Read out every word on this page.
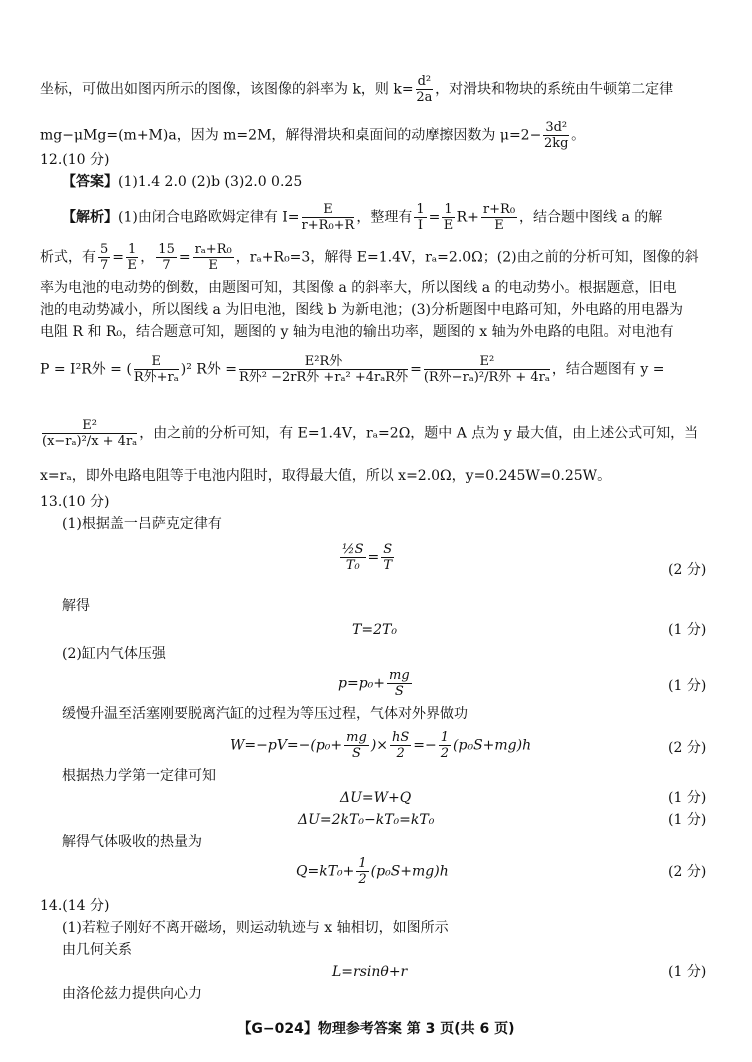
坐标，可做出如图丙所示的图像，该图像的斜率为 k，则 $k= \frac{\text{d²}}{2a}$ ，对滑块和物块的系统由牛顿第二定律
mg−μMg=(m+M)a，因为 m=2M，解得滑块和桌面间的动摩擦因数为 $\mu=2- \frac{\text{3d²}}{2kg}$ 。
12.(10 分)
【答案】(1)1.4 2.0 (2)b (3)2.0 0.25
【解析】(1)由闭合电路欧姆定律有 $I= \frac{E}{\text{r+R₀+R}}$ ，整理有 $\frac{1}{I} = \frac{1}{E} R+ \frac{\text{r+R₀}}{E}$ ，结合题中图线 a 的解
析式，有 $\frac{5}{7} = \frac{1}{E}$ ， $\frac{15}{7} = \frac{\text{rₐ+R₀}}{E}$ ，rₐ+R₀=3，解得 E=1.4V，rₐ=2.0Ω；(2)由之前的分析可知，图像的斜
率为电池的电动势的倒数，由题图可知，其图像 a 的斜率大，所以图线 a 的电动势小。根据题意，旧电
池的电动势减小，所以图线 a 为旧电池，图线 b 为新电池；(3)分析题图中电路可知，外电路的用电器为
电阻 R 和 R₀，结合题意可知，题图的 y 轴为电池的输出功率，题图的 x 轴为外电路的电阻。对电池有
P = I²R外 = ( $\frac{E}{\text{R外+rₐ}} )^2$ R外 = $\frac{\text{E²R外}}{\text{R外² −2rR外 +rₐ² +4rₐR外}} = \frac{\text{E²}}{\text{(R外−rₐ)²/R外 + 4rₐ}}$ ，结合题图有 y =
$\frac{\text{E²}}{\text{(x−rₐ)²/x + 4rₐ}}$ ，由之前的分析可知，有 E=1.4V，rₐ=2Ω，题中 A 点为 y 最大值，由上述公式可知，当
x=rₐ，即外电路电阻等于电池内阻时，取得最大值，所以 x=2.0Ω，y=0.245W=0.25W。
13.(10 分)
(1)根据盖一吕萨克定律有
$\frac{\text{½S}}{\text{T₀}} = \frac{S}{T}$	(2 分)
解得
T=2T₀	(1 分)
(2)缸内气体压强
$p=p_0+ \frac{mg}{S}$	(1 分)
缓慢升温至活塞刚要脱离汽缸的过程为等压过程，气体对外界做功
$W=-pV=-(p_0+ \frac{mg}{S}$ )× $\frac{hS}{2} =- \frac{1}{2} (p_0S+mg)h$	(2 分)
根据热力学第一定律可知
ΔU=W+Q	(1 分)
ΔU=2kT₀−kT₀=kT₀	(1 分)
解得气体吸收的热量为
$Q=kT_0+ \frac{1}{2} (p_0S+mg)h$	(2 分)
14.(14 分)
(1)若粒子刚好不离开磁场，则运动轨迹与 x 轴相切，如图所示
由几何关系
L=rsinθ+r	(1 分)
由洛伦兹力提供向心力
【G−024】物理参考答案 第 3 页(共 6 页)
